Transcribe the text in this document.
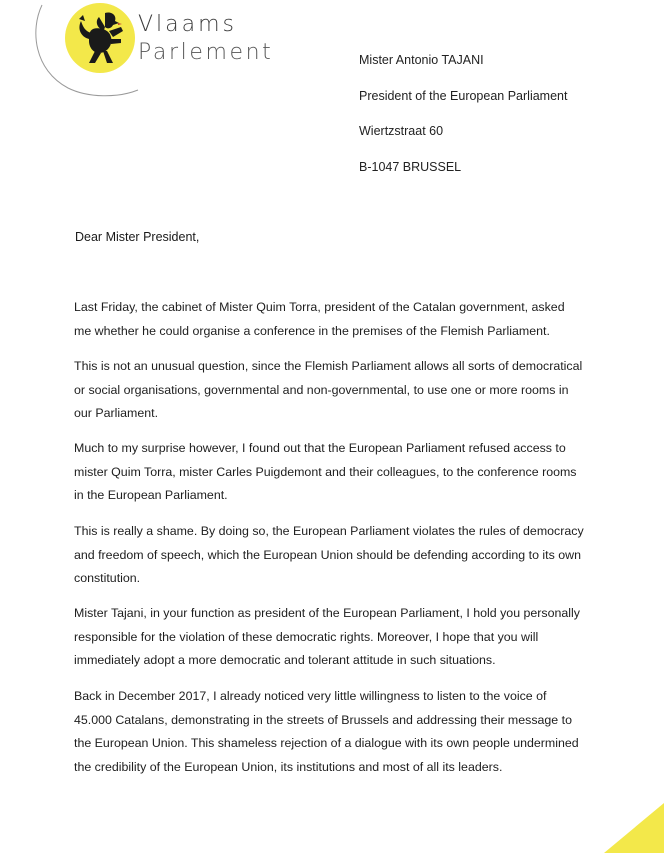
Vlaams
Parlement	Mister Antonio TAJANI
President of the European Parliament
Wiertzstraat 60
B-1047 BRUSSEL
Dear Mister President,
Last Friday, the cabinet of Mister Quim Torra, president of the Catalan government, asked
me whether he could organise a conference in the premises of the Flemish Parliament.
This is not an unusual question, since the Flemish Parliament allows all sorts of democratical
or social organisations, governmental and non-governmental, to use one or more rooms in
our Parliament.
Much to my surprise however, I found out that the European Parliament refused access to
mister Quim Torra, mister Carles Puigdemont and their colleagues, to the conference rooms
in the European Parliament.
This is really a shame. By doing so, the European Parliament violates the rules of democracy
and freedom of speech, which the European Union should be defending according to its own
constitution.
Mister Tajani, in your function as president of the European Parliament, I hold you personally
responsible for the violation of these democratic rights. Moreover, I hope that you will
immediately adopt a more democratic and tolerant attitude in such situations.
Back in December 2017, I already noticed very little willingness to listen to the voice of
45.000 Catalans, demonstrating in the streets of Brussels and addressing their message to
the European Union. This shameless rejection of a dialogue with its own people undermined
the credibility of the European Union, its institutions and most of all its leaders.
